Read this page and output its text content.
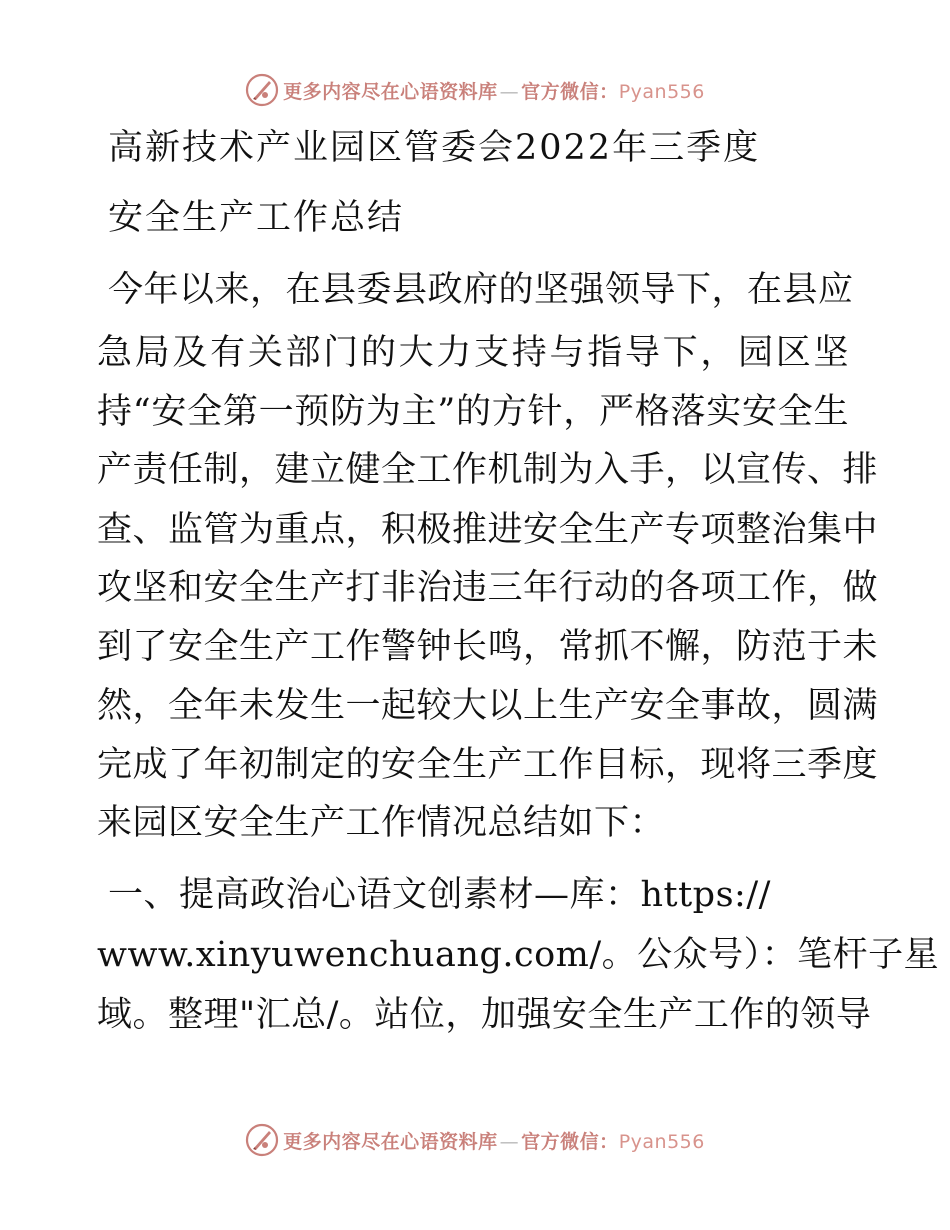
更多内容尽在心语资料库 — 官方微信：Pyan556
高新技术产业园区管委会2022年三季度
安全生产工作总结
今年以来，在县委县政府的坚强领导下，在县应
急局及有关部门的大力支持与指导下，园区坚
持“安全第一预防为主”的方针，严格落实安全生
产责任制，建立健全工作机制为入手，以宣传、排
查、监管为重点，积极推进安全生产专项整治集中
攻坚和安全生产打非治违三年行动的各项工作，做
到了安全生产工作警钟长鸣，常抓不懈，防范于未
然，全年未发生一起较大以上生产安全事故，圆满
完成了年初制定的安全生产工作目标，现将三季度
来园区安全生产工作情况总结如下：
一、提高政治心语文创素材—库：https://
www.xinyuwenchuang.com/。公众号）：笔杆子星
域。整理"汇总/。站位，加强安全生产工作的领导
更多内容尽在心语资料库 — 官方微信：Pyan556
